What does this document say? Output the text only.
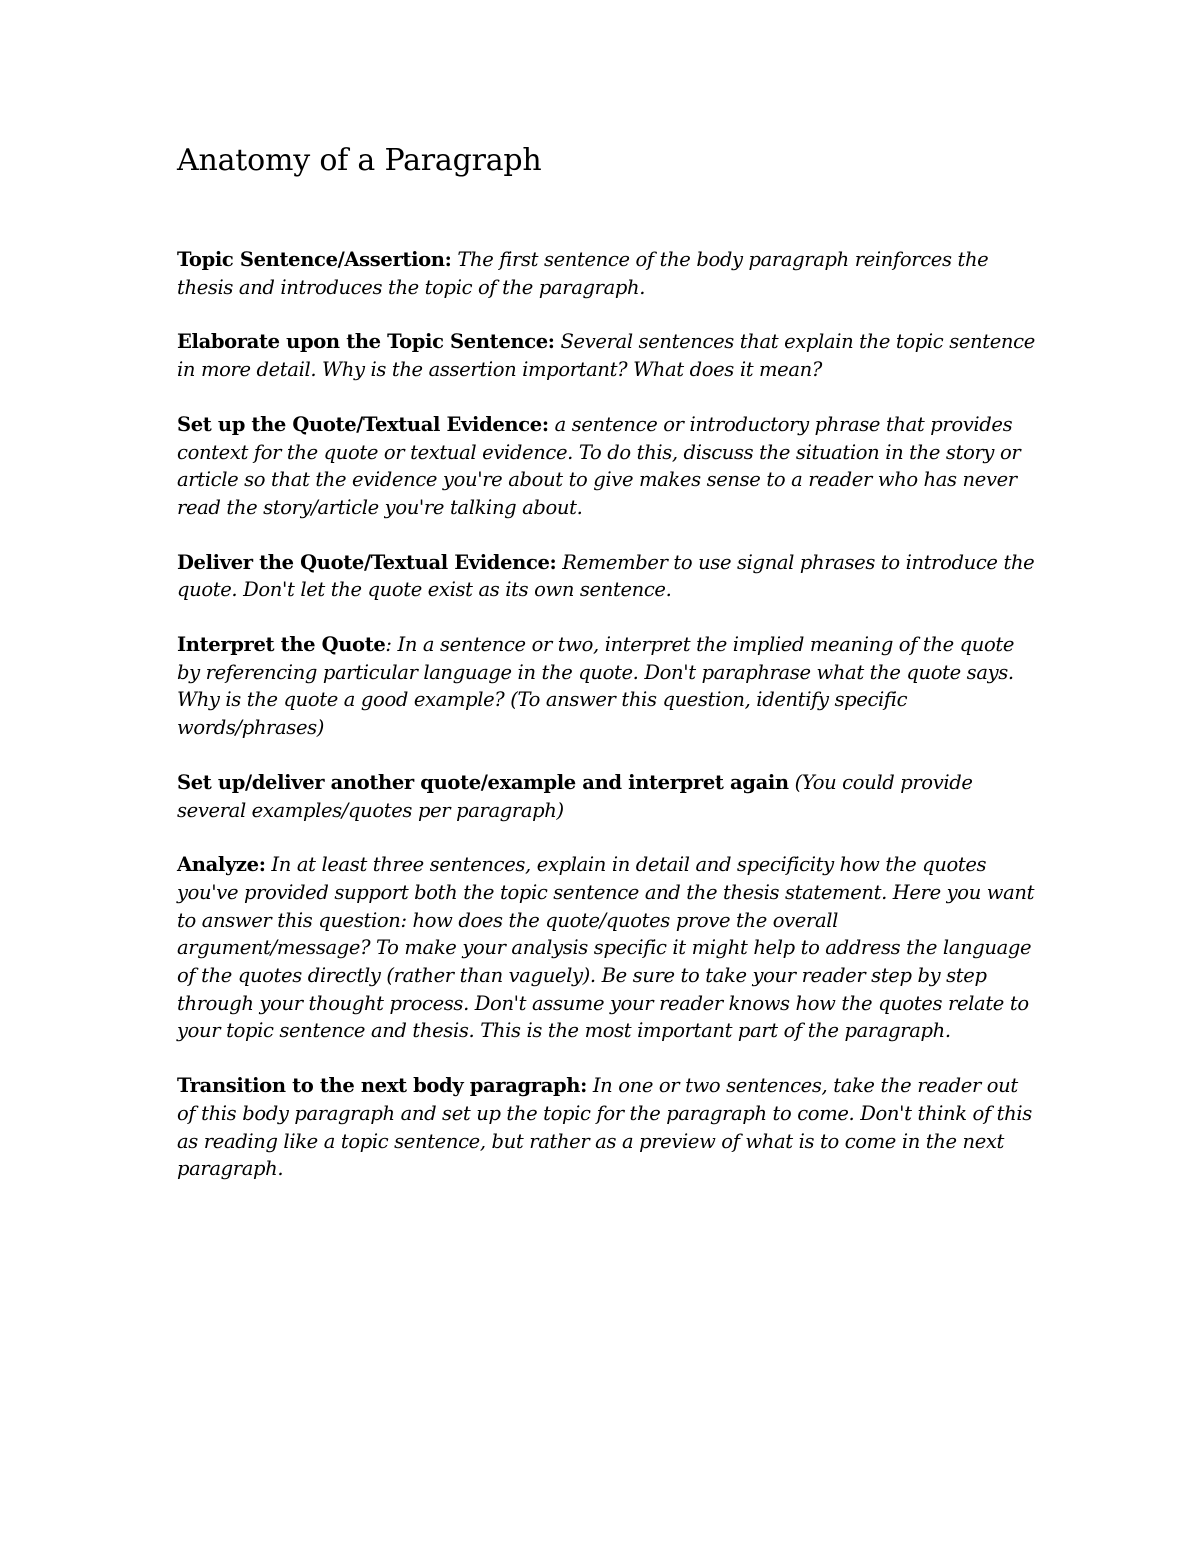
Anatomy of a Paragraph

Topic Sentence/Assertion: The first sentence of the body paragraph reinforces the thesis and introduces the topic of the paragraph.

Elaborate upon the Topic Sentence: Several sentences that explain the topic sentence in more detail. Why is the assertion important? What does it mean?

Set up the Quote/Textual Evidence: a sentence or introductory phrase that provides context for the quote or textual evidence. To do this, discuss the situation in the story or article so that the evidence you're about to give makes sense to a reader who has never read the story/article you're talking about.

Deliver the Quote/Textual Evidence: Remember to use signal phrases to introduce the quote. Don't let the quote exist as its own sentence.

Interpret the Quote: In a sentence or two, interpret the implied meaning of the quote by referencing particular language in the quote. Don't paraphrase what the quote says. Why is the quote a good example? (To answer this question, identify specific words/phrases)

Set up/deliver another quote/example and interpret again (You could provide several examples/quotes per paragraph)

Analyze: In at least three sentences, explain in detail and specificity how the quotes you've provided support both the topic sentence and the thesis statement. Here you want to answer this question: how does the quote/quotes prove the overall argument/message? To make your analysis specific it might help to address the language of the quotes directly (rather than vaguely). Be sure to take your reader step by step through your thought process. Don't assume your reader knows how the quotes relate to your topic sentence and thesis. This is the most important part of the paragraph.

Transition to the next body paragraph: In one or two sentences, take the reader out of this body paragraph and set up the topic for the paragraph to come. Don't think of this as reading like a topic sentence, but rather as a preview of what is to come in the next paragraph.
